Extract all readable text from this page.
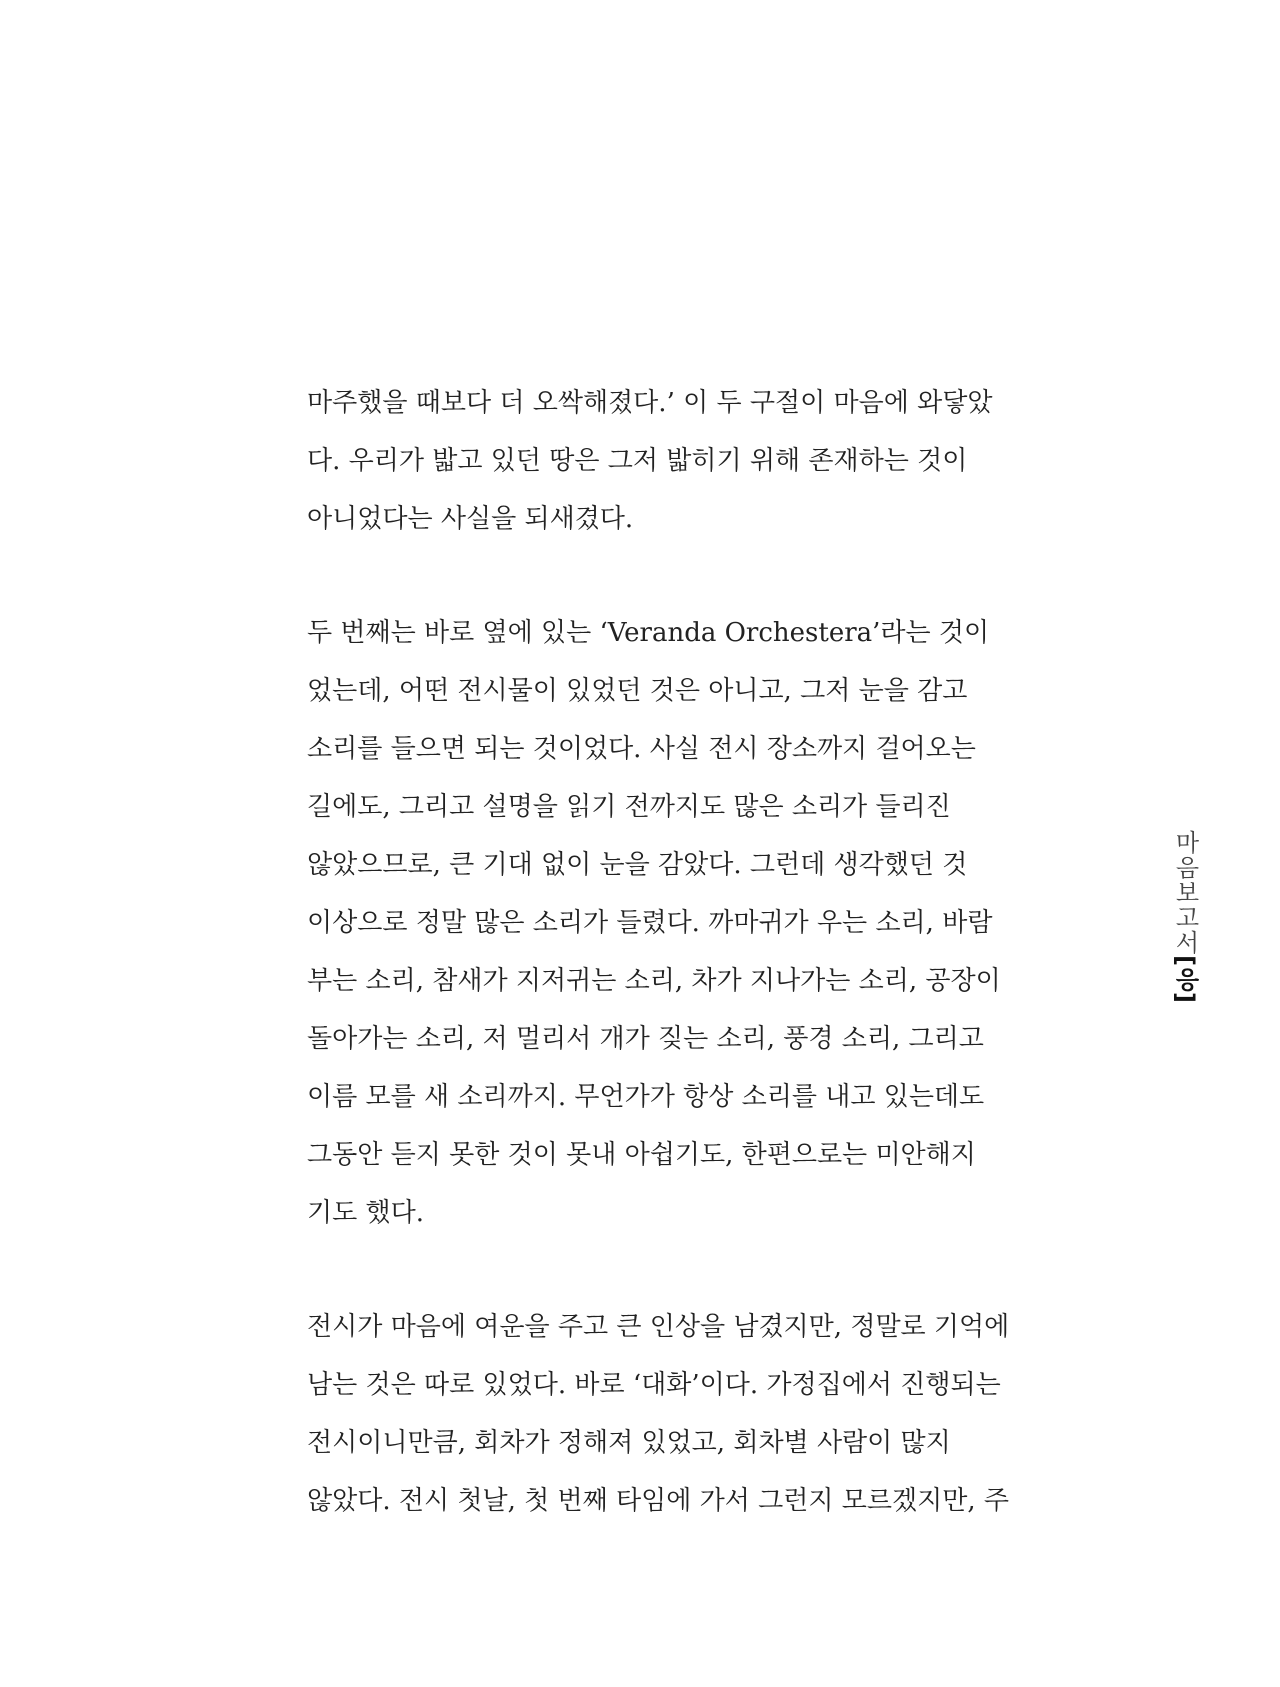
마주했을 때보다 더 오싹해졌다.’ 이 두 구절이 마음에 와닿았
다. 우리가 밟고 있던 땅은 그저 밟히기 위해 존재하는 것이
아니었다는 사실을 되새겼다.
두 번째는 바로 옆에 있는 ‘Veranda Orchestera’라는 것이
었는데, 어떤 전시물이 있었던 것은 아니고, 그저 눈을 감고
소리를 들으면 되는 것이었다. 사실 전시 장소까지 걸어오는
길에도, 그리고 설명을 읽기 전까지도 많은 소리가 들리진
않았으므로, 큰 기대 없이 눈을 감았다. 그런데 생각했던 것
이상으로 정말 많은 소리가 들렸다. 까마귀가 우는 소리, 바람
부는 소리, 참새가 지저귀는 소리, 차가 지나가는 소리, 공장이
돌아가는 소리, 저 멀리서 개가 짖는 소리, 풍경 소리, 그리고
이름 모를 새 소리까지. 무언가가 항상 소리를 내고 있는데도
그동안 듣지 못한 것이 못내 아쉽기도, 한편으로는 미안해지
기도 했다.
전시가 마음에 여운을 주고 큰 인상을 남겼지만, 정말로 기억에
남는 것은 따로 있었다. 바로 ‘대화’이다. 가정집에서 진행되는
전시이니만큼, 회차가 정해져 있었고, 회차별 사람이 많지
않았다. 전시 첫날, 첫 번째 타임에 가서 그런지 모르겠지만, 주
마음보고서[응]
